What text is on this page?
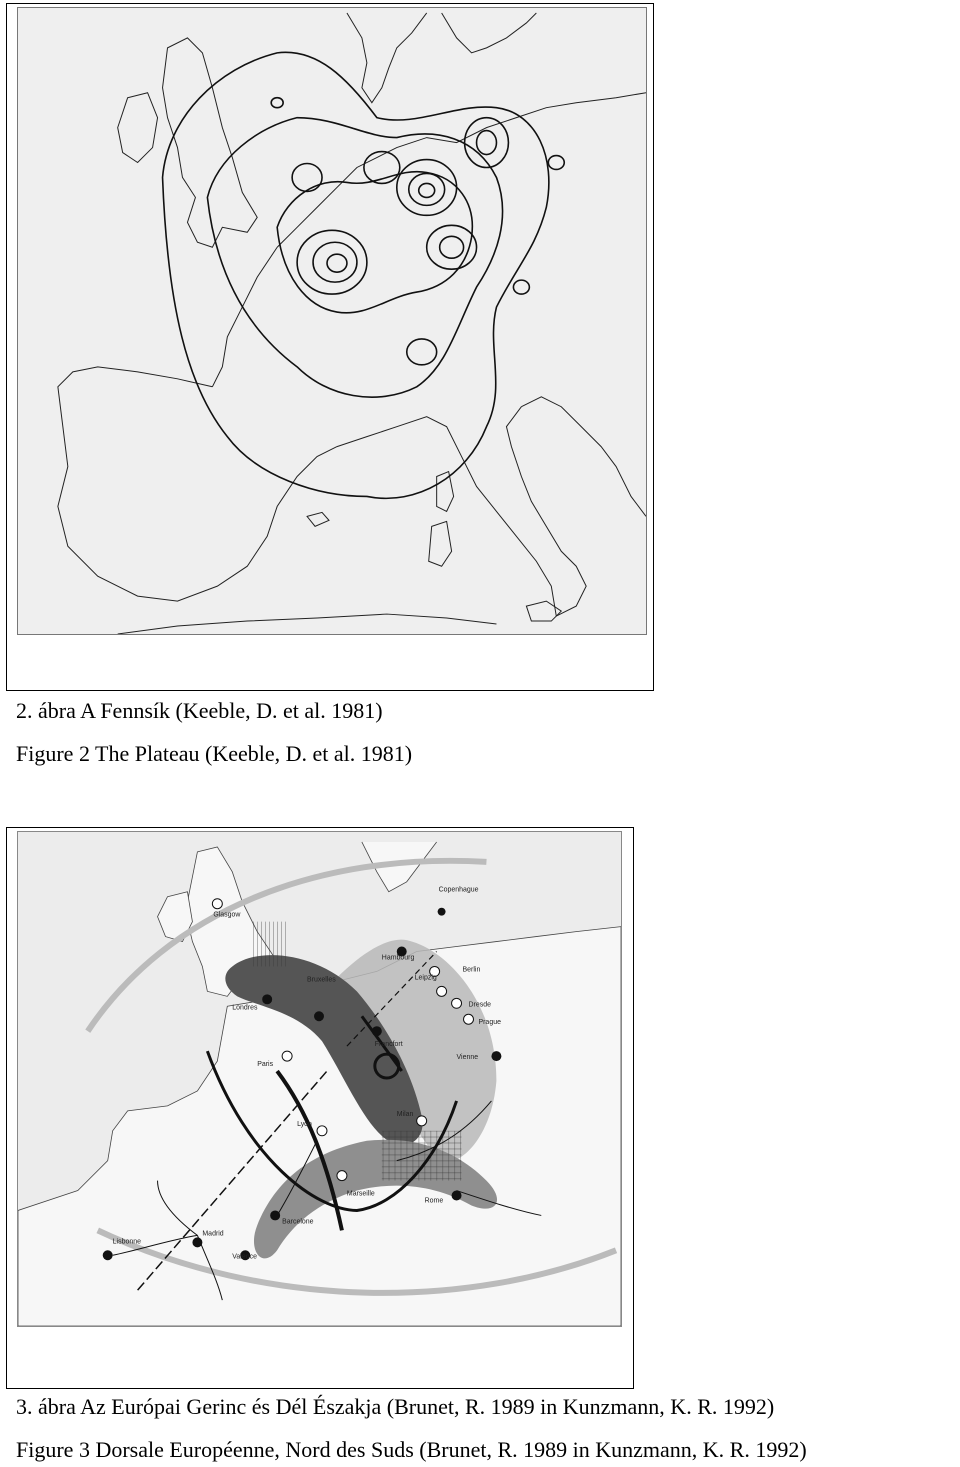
2. ábra A Fennsík (Keeble, D. et al. 1981)
Figure 2 The Plateau (Keeble, D. et al. 1981)
Glasgow
Copenhague
Hambourg
Berlin
Leipzig
Dresde
Prague
Londres
Bruxelles
Francfort
Paris
Vienne
Milan
Lyon
Marseille
Rome
Barcelone
Madrid
Lisbonne
Valence
3. ábra Az Európai Gerinc és Dél Északja (Brunet, R. 1989 in Kunzmann, K. R. 1992)
Figure 3 Dorsale Européenne, Nord des Suds (Brunet, R. 1989 in Kunzmann, K. R. 1992)
